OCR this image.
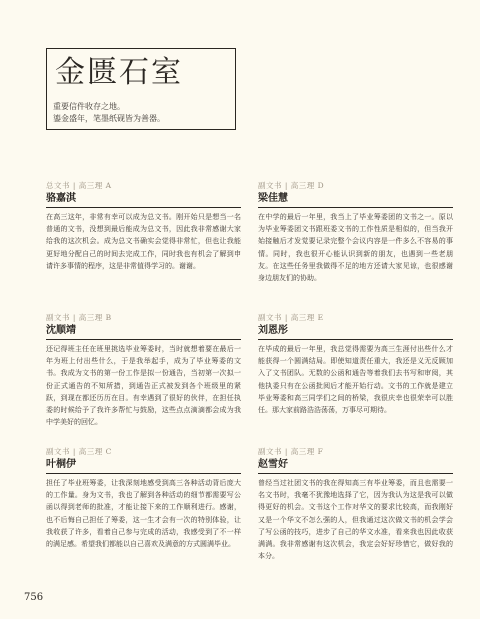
金匮石室
重要信件收存之地。
鎏金盛年，笔墨纸砚皆为善器。
总文书 | 高三理 A
骆嘉淇
在高三这年，非常有幸可以成为总文书。刚开始只是想当一名普通的文书，没想到最后能成为总文书，因此我非常感谢大家给我的这次机会。成为总文书确实会觉得非常忙，但也让我能更好地分配自己的时间去完成工作，同时我也有机会了解到申请许多事情的程序，这是非常值得学习的。谢谢。
副文书 | 高三理 D
梁佳慧
在中学的最后一年里，我当上了毕业筹委团的文书之一。原以为毕业筹委团文书跟班委文书的工作性质是相似的，但当我开始接触后才发觉要记录完整个会议内容是一件多么不容易的事情。同时，我也很开心能认识到新的朋友，也遇到一些老朋友。在这些任务里我做得不足的地方还请大家见谅，也很感谢身边朋友们的协助。
副文书 | 高三理 B
沈顺靖
还记得班主任在班里挑选毕业筹委时，当时就想着要在最后一年为班上付出些什么，于是我举起手，成为了毕业筹委的文书。我成为文书的第一份工作是拟一份通告，当初第一次拟一份正式通告的不知所措，到通告正式被发到各个班级里的紧跃，到现在都还历历在目。有幸遇到了很好的伙伴，在担任执委的时候给予了我许多帮忙与鼓励，这些点点滴滴都会成为我中学美好的回忆。
副文书 | 高三理 E
刘恩彤
在毕成的最后一年里，我总觉得需要为高三生涯付出些什么才能获得一个圆满结局。即使知道责任重大，我还是义无反顾加入了文书团队。无数的公函和通告等着我们去书写和审阅，其他执委只有在公函批阅后才能开始行动。文书的工作就是建立毕业筹委和高三同学们之间的桥梁，我很庆幸也很荣幸可以胜任。那大家前路浩浩荡荡，万事尽可期待。
副文书 | 高三理 C
叶桐伊
担任了毕业班筹委，让我深刻地感受到高三各种活动背后庞大的工作量。身为文书，我也了解到各种活动的细节都需要写公函以得到老师的批准，才能让接下来的工作顺利进行。感谢，也不后悔自己担任了筹委，这一生才会有一次的特别体验，让我收获了许多，看着自己参与完成的活动，我感受到了不一样的满足感。希望我们都能以自己喜欢及满意的方式圆满毕业。
副文书 | 高三理 F
赵雪好
曾经当过社团文书的我在得知高三有毕业筹委，而且也需要一名文书时，我毫不犹豫地选择了它，因为我认为这是我可以做得更好的机会。文书这个工作对华文的要求比较高，而我刚好又是一个华文不怎么强的人，但我通过这次做文书的机会学会了写公函的技巧，进步了自己的华文水准，看来我也因此收获满满。我非常感谢有这次机会，我定会好好珍惜它，做好我的本分。
756
